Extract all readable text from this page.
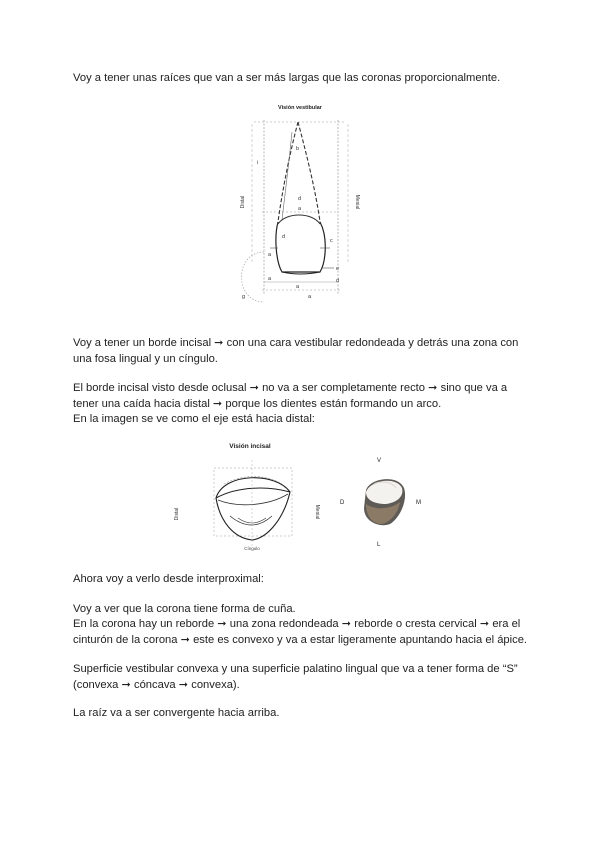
Voy a tener unas raíces que van a ser más largas que las coronas proporcionalmente.

Visión vestibular
Distal	Mesial
b
i
d
d
c
a
a
e
a	d
a
g	a

Voy a tener un borde incisal ➞ con una cara vestibular redondeada y detrás una zona con una fosa lingual y un cíngulo.

El borde incisal visto desde oclusal ➞ no va a ser completamente recto ➞ sino que va a tener una caída hacia distal ➞ porque los dientes están formando un arco.

En la imagen se ve como el eje está hacia distal:

Visión incisal
Distal	Mesial
Cíngulo
V
D	M
L

Ahora voy a verlo desde interproximal:

Voy a ver que la corona tiene forma de cuña.

En la corona hay un reborde ➞ una zona redondeada ➞ reborde o cresta cervical ➞ era el cinturón de la corona ➞ este es convexo y va a estar ligeramente apuntando hacia el ápice.

Superficie vestibular convexa y una superficie palatino lingual que va a tener forma de “S” (convexa ➞ cóncava ➞ convexa).

La raíz va a ser convergente hacia arriba.
